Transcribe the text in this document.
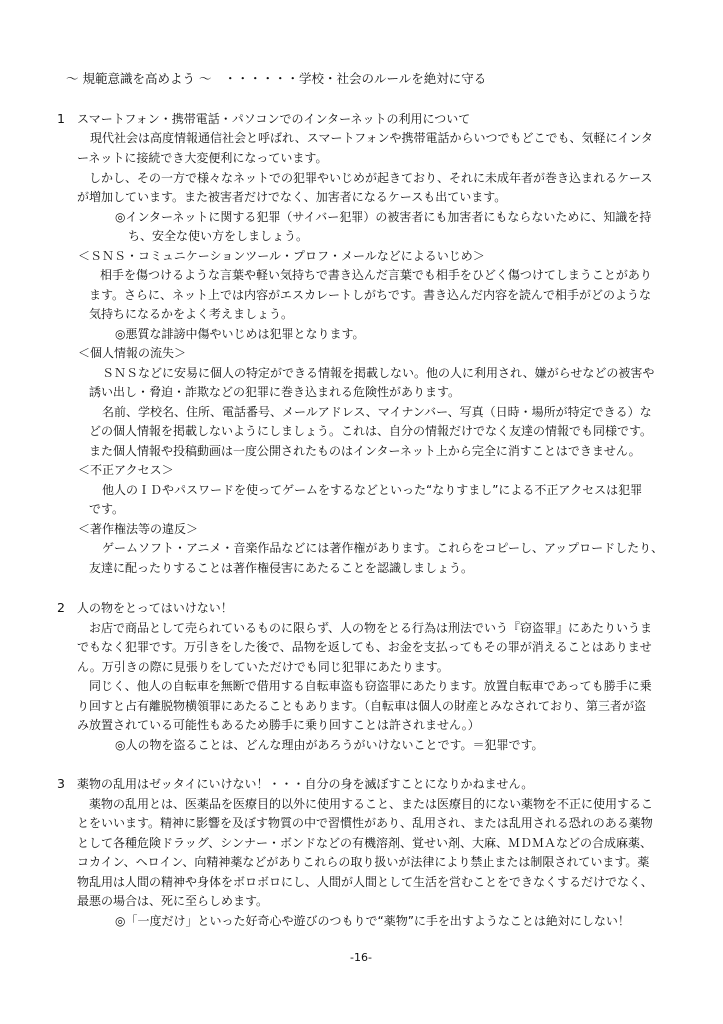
～ 規範意識を高めよう ～　・・・・・・学校・社会のルールを絶対に守る
1 スマートフォン・携帯電話・パソコンでのインターネットの利用について
現代社会は高度情報通信社会と呼ばれ、スマートフォンや携帯電話からいつでもどこでも、気軽にインタ
ーネットに接続でき大変便利になっています。
しかし、その一方で様々なネットでの犯罪やいじめが起きており、それに未成年者が巻き込まれるケース
が増加しています。また被害者だけでなく、加害者になるケースも出ています。
◎インターネットに関する犯罪（サイバー犯罪）の被害者にも加害者にもならないために、知識を持
ち、安全な使い方をしましょう。
＜ＳＮＳ・コミュニケーションツール・プロフ・メールなどによるいじめ＞
相手を傷つけるような言葉や軽い気持ちで書き込んだ言葉でも相手をひどく傷つけてしまうことがあり
ます。さらに、ネット上では内容がエスカレートしがちです。書き込んだ内容を読んで相手がどのような
気持ちになるかをよく考えましょう。
◎悪質な誹謗中傷やいじめは犯罪となります。
＜個人情報の流失＞
ＳＮＳなどに安易に個人の特定ができる情報を掲載しない。他の人に利用され、嫌がらせなどの被害や
誘い出し・脅迫・詐欺などの犯罪に巻き込まれる危険性があります。
名前、学校名、住所、電話番号、メールアドレス、マイナンバー、写真（日時・場所が特定できる）な
どの個人情報を掲載しないようにしましょう。これは、自分の情報だけでなく友達の情報でも同様です。
また個人情報や投稿動画は一度公開されたものはインターネット上から完全に消すことはできません。
＜不正アクセス＞
他人のＩＤやパスワードを使ってゲームをするなどといった“なりすまし”による不正アクセスは犯罪
です。
＜著作権法等の違反＞
ゲームソフト・アニメ・音楽作品などには著作権があります。これらをコピーし、アップロードしたり、
友達に配ったりすることは著作権侵害にあたることを認識しましょう。
2 人の物をとってはいけない！
お店で商品として売られているものに限らず、人の物をとる行為は刑法でいう『窃盗罪』にあたりいうま
でもなく犯罪です。万引きをした後で、品物を返しても、お金を支払ってもその罪が消えることはありませ
ん。万引きの際に見張りをしていただけでも同じ犯罪にあたります。
同じく、他人の自転車を無断で借用する自転車盗も窃盗罪にあたります。放置自転車であっても勝手に乗
り回すと占有離脱物横領罪にあたることもあります。（自転車は個人の財産とみなされており、第三者が盗
み放置されている可能性もあるため勝手に乗り回すことは許されません。）
◎人の物を盗ることは、どんな理由があろうがいけないことです。＝犯罪です。
3 薬物の乱用はゼッタイにいけない！・・・自分の身を滅ぼすことになりかねません。
薬物の乱用とは、医薬品を医療目的以外に使用すること、または医療目的にない薬物を不正に使用するこ
とをいいます。精神に影響を及ぼす物質の中で習慣性があり、乱用され、または乱用される恐れのある薬物
として各種危険ドラッグ、シンナー・ボンドなどの有機溶剤、覚せい剤、大麻、ＭＤＭＡなどの合成麻薬、
コカイン、ヘロイン、向精神薬などがありこれらの取り扱いが法律により禁止または制限されています。薬
物乱用は人間の精神や身体をボロボロにし、人間が人間として生活を営むことをできなくするだけでなく、
最悪の場合は、死に至らしめます。
◎「一度だけ」といった好奇心や遊びのつもりで“薬物”に手を出すようなことは絶対にしない！
-16-
